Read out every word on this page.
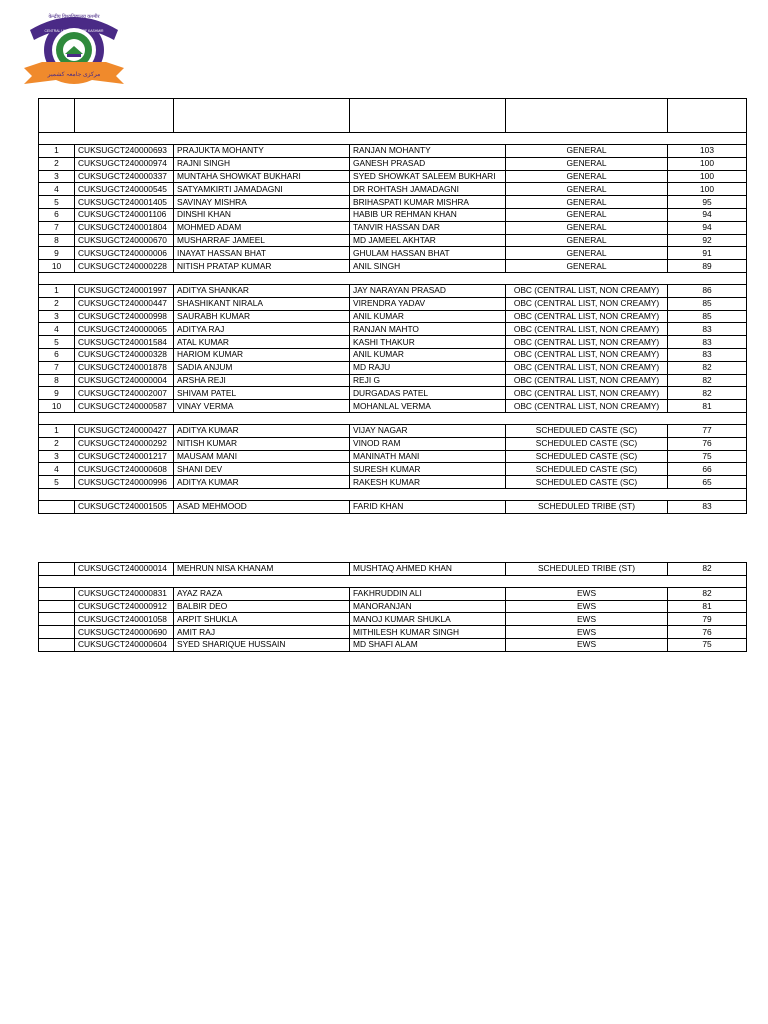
केन्द्रीय विश्वविद्यालय कश्मीर
CENTRAL UNIVERSITY OF KASHMIR
مرکزی جامعہ کشمیر

1	CUKSUGCT240000693	PRAJUKTA MOHANTY	RANJAN MOHANTY	GENERAL	103
2	CUKSUGCT240000974	RAJNI SINGH	GANESH PRASAD	GENERAL	100
3	CUKSUGCT240000337	MUNTAHA SHOWKAT BUKHARI	SYED SHOWKAT SALEEM BUKHARI	GENERAL	100
4	CUKSUGCT240000545	SATYAMKIRTI JAMADAGNI	DR ROHTASH JAMADAGNI	GENERAL	100
5	CUKSUGCT240001405	SAVINAY MISHRA	BRIHASPATI KUMAR MISHRA	GENERAL	95
6	CUKSUGCT240001106	DINSHI KHAN	HABIB UR REHMAN KHAN	GENERAL	94
7	CUKSUGCT240001804	MOHMED ADAM	TANVIR HASSAN DAR	GENERAL	94
8	CUKSUGCT240000670	MUSHARRAF JAMEEL	MD JAMEEL AKHTAR	GENERAL	92
9	CUKSUGCT240000006	INAYAT HASSAN BHAT	GHULAM HASSAN BHAT	GENERAL	91
10	CUKSUGCT240000228	NITISH PRATAP KUMAR	ANIL SINGH	GENERAL	89

1	CUKSUGCT240001997	ADITYA SHANKAR	JAY NARAYAN PRASAD	OBC (CENTRAL LIST, NON CREAMY)	86
2	CUKSUGCT240000447	SHASHIKANT NIRALA	VIRENDRA YADAV	OBC (CENTRAL LIST, NON CREAMY)	85
3	CUKSUGCT240000998	SAURABH KUMAR	ANIL KUMAR	OBC (CENTRAL LIST, NON CREAMY)	85
4	CUKSUGCT240000065	ADITYA RAJ	RANJAN MAHTO	OBC (CENTRAL LIST, NON CREAMY)	83
5	CUKSUGCT240001584	ATAL KUMAR	KASHI THAKUR	OBC (CENTRAL LIST, NON CREAMY)	83
6	CUKSUGCT240000328	HARIOM KUMAR	ANIL KUMAR	OBC (CENTRAL LIST, NON CREAMY)	83
7	CUKSUGCT240001878	SADIA ANJUM	MD RAJU	OBC (CENTRAL LIST, NON CREAMY)	82
8	CUKSUGCT240000004	ARSHA REJI	REJI G	OBC (CENTRAL LIST, NON CREAMY)	82
9	CUKSUGCT240002007	SHIVAM PATEL	DURGADAS PATEL	OBC (CENTRAL LIST, NON CREAMY)	82
10	CUKSUGCT240000587	VINAY VERMA	MOHANLAL VERMA	OBC (CENTRAL LIST, NON CREAMY)	81

1	CUKSUGCT240000427	ADITYA KUMAR	VIJAY NAGAR	SCHEDULED CASTE (SC)	77
2	CUKSUGCT240000292	NITISH KUMAR	VINOD RAM	SCHEDULED CASTE (SC)	76
3	CUKSUGCT240001217	MAUSAM MANI	MANINATH MANI	SCHEDULED CASTE (SC)	75
4	CUKSUGCT240000608	SHANI DEV	SURESH KUMAR	SCHEDULED CASTE (SC)	66
5	CUKSUGCT240000996	ADITYA KUMAR	RAKESH KUMAR	SCHEDULED CASTE (SC)	65

	CUKSUGCT240001505	ASAD MEHMOOD	FARID KHAN	SCHEDULED TRIBE (ST)	83
	CUKSUGCT240000014	MEHRUN NISA KHANAM	MUSHTAQ AHMED KHAN	SCHEDULED TRIBE (ST)	82

	CUKSUGCT240000831	AYAZ RAZA	FAKHRUDDIN ALI	EWS	82
	CUKSUGCT240000912	BALBIR DEO	MANORANJAN	EWS	81
	CUKSUGCT240001058	ARPIT SHUKLA	MANOJ KUMAR SHUKLA	EWS	79
	CUKSUGCT240000690	AMIT RAJ	MITHILESH KUMAR SINGH	EWS	76
	CUKSUGCT240000604	SYED SHARIQUE HUSSAIN	MD SHAFI ALAM	EWS	75
